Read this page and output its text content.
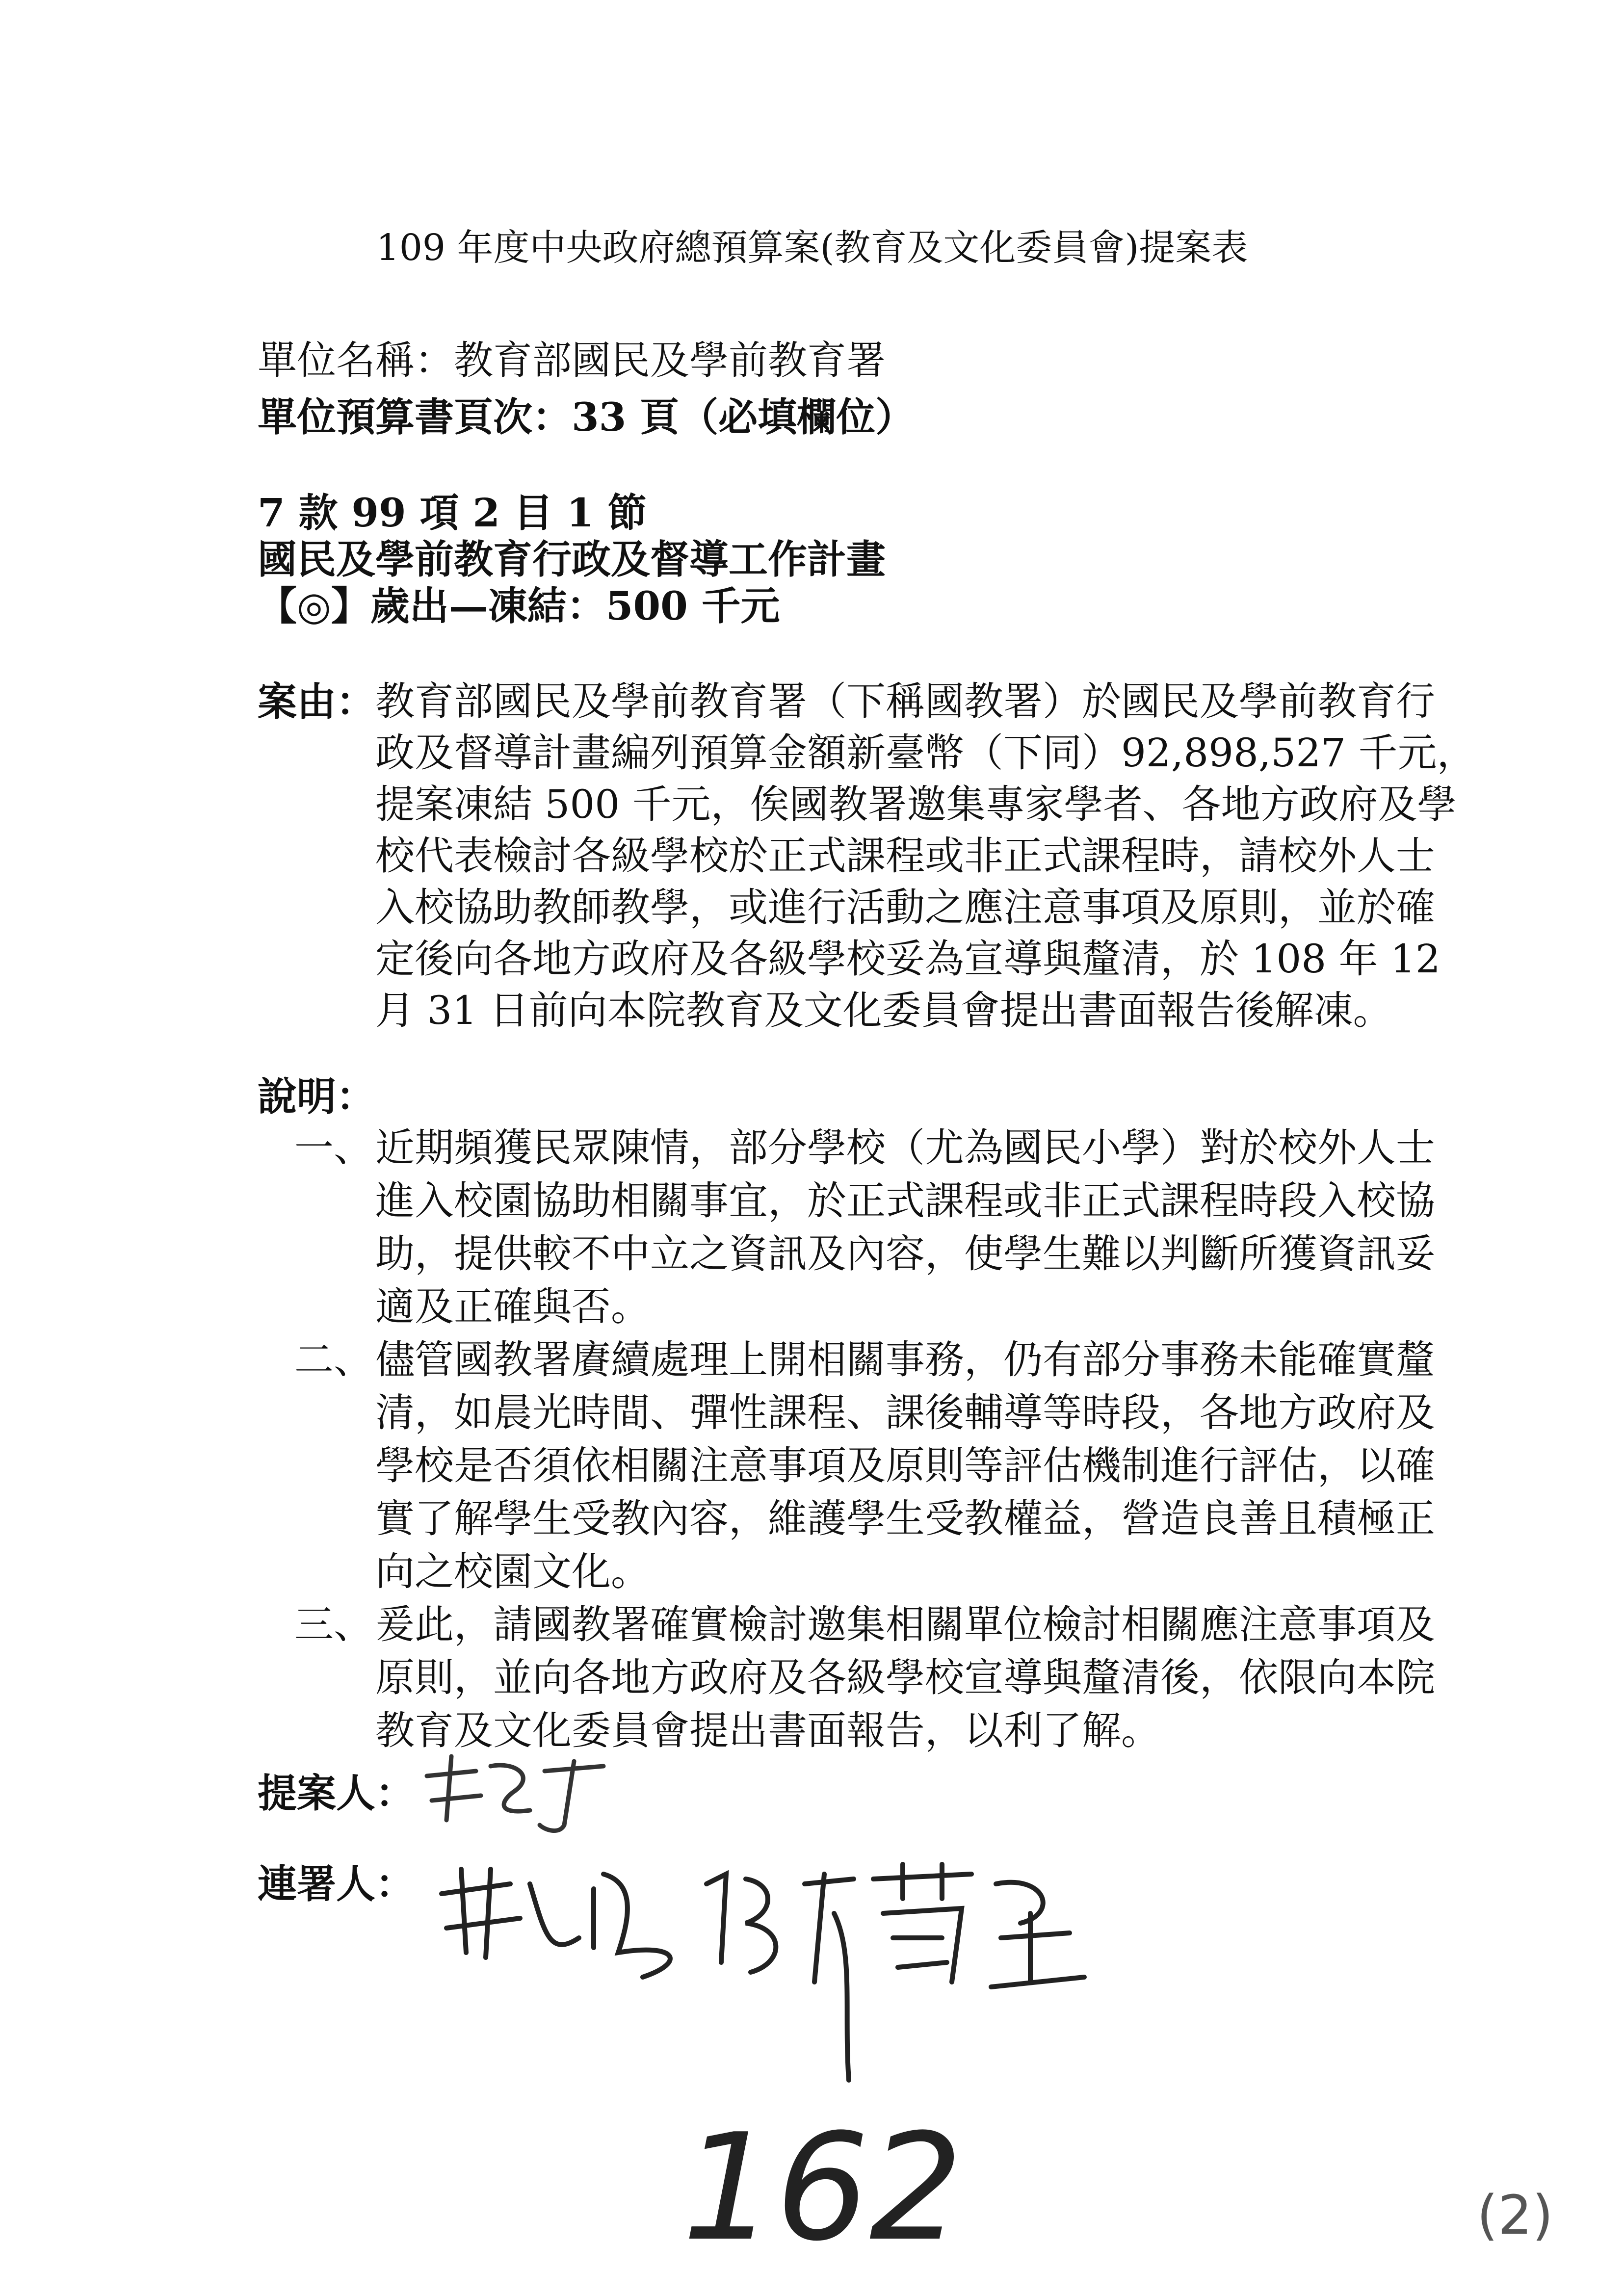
109 年度中央政府總預算案(教育及文化委員會)提案表
單位名稱：教育部國民及學前教育署
單位預算書頁次：33 頁（必填欄位）
7 款 99 項 2 目 1 節
國民及學前教育行政及督導工作計畫
【◎】歲出—凍結：500 千元
案由： 教育部國民及學前教育署（下稱國教署）於國民及學前教育行
政及督導計畫編列預算金額新臺幣（下同）92,898,527 千元，
提案凍結 500 千元，俟國教署邀集專家學者、各地方政府及學
校代表檢討各級學校於正式課程或非正式課程時，請校外人士
入校協助教師教學，或進行活動之應注意事項及原則，並於確
定後向各地方政府及各級學校妥為宣導與釐清，於 108 年 12
月 31 日前向本院教育及文化委員會提出書面報告後解凍。
說明：
一、 近期頻獲民眾陳情，部分學校（尤為國民小學）對於校外人士
進入校園協助相關事宜，於正式課程或非正式課程時段入校協
助，提供較不中立之資訊及內容，使學生難以判斷所獲資訊妥
適及正確與否。
二、 儘管國教署賡續處理上開相關事務，仍有部分事務未能確實釐
清，如晨光時間、彈性課程、課後輔導等時段，各地方政府及
學校是否須依相關注意事項及原則等評估機制進行評估，以確
實了解學生受教內容，維護學生受教權益，營造良善且積極正
向之校園文化。
三、 爰此，請國教署確實檢討邀集相關單位檢討相關應注意事項及
原則，並向各地方政府及各級學校宣導與釐清後，依限向本院
教育及文化委員會提出書面報告，以利了解。
提案人：
連署人：
162	(2)
